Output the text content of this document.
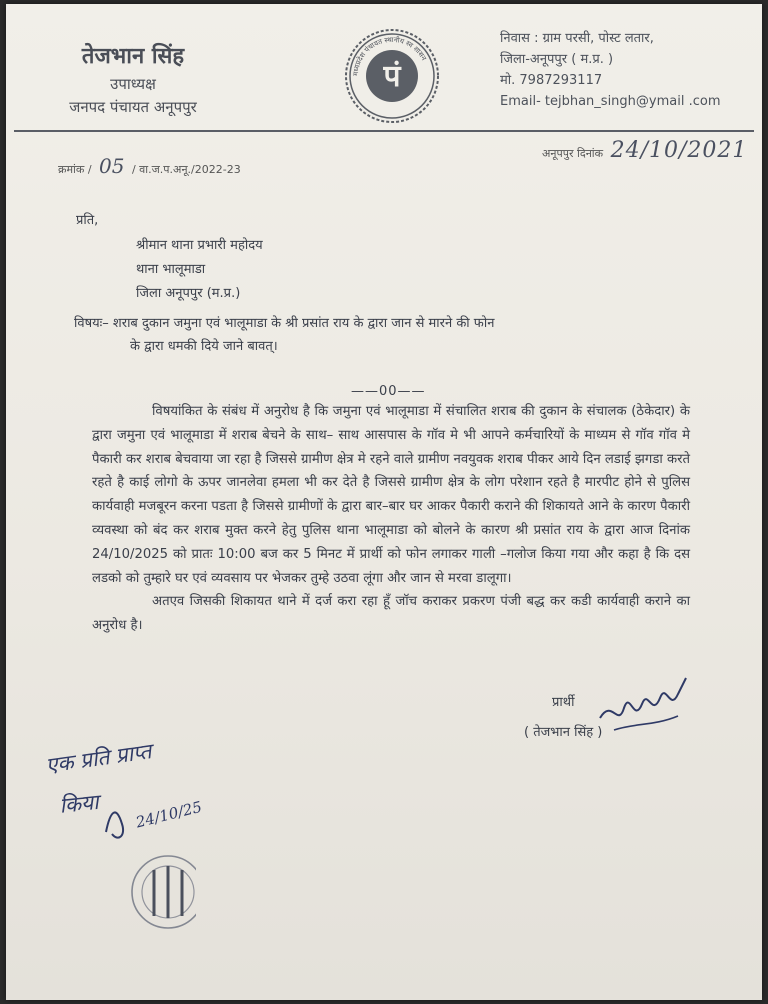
तेजभान सिंह
उपाध्यक्ष
जनपद पंचायत अनूपपुर
मध्यप्रदेश पंचायत स्थानीय स्व शासन
पं
निवास : ग्राम परसी, पोस्ट लतार,
जिला-अनूपपुर ( म.प्र. )
मो. 7987293117
Email- tejbhan_singh@ymail .com
क्रमांक / 05 / वा.ज.प.अनू./2022-23
अनूपपुर दिनांक 24/10/2021
प्रति,
श्रीमान थाना प्रभारी महोदय
थाना भालूमाडा
जिला अनूपपुर (म.प्र.)
विषयः– शराब दुकान जमुना एवं भालूमाडा के श्री प्रसांत राय के द्वारा जान से मारने की फोन
के द्वारा धमकी दिये जाने बावत्।
——00——

विषयांकित के संबंध में अनुरोध है कि जमुना एवं भालूमाडा में संचालित शराब की दुकान के संचालक (ठेकेदार) के द्वारा जमुना एवं भालूमाडा में शराब बेचने के साथ– साथ आसपास के गॉव मे भी आपने कर्मचारियों के माध्यम से गॉव गॉव मे पैकारी कर शराब बेचवाया जा रहा है जिससे ग्रामीण क्षेत्र मे रहने वाले ग्रामीण नवयुवक शराब पीकर आये दिन लडाई झगडा करते रहते है काई लोगो के ऊपर जानलेवा हमला भी कर देते है जिससे ग्रामीण क्षेत्र के लोग परेशान रहते है मारपीट होने से पुलिस कार्यवाही मजबूरन करना पडता है जिससे ग्रामीणों के द्वारा बार–बार घर आकर पैकारी कराने की शिकायते आने के कारण पैकारी व्यवस्था को बंद कर शराब मुक्त करने हेतु पुलिस थाना भालूमाडा को बोलने के कारण श्री प्रसांत राय के द्वारा आज दिनांक 24/10/2025 को प्रातः 10:00 बज कर 5 मिनट में प्रार्थी को फोन लगाकर गाली –गलोज किया गया और कहा है कि दस लडको को तुम्हारे घर एवं व्यवसाय पर भेजकर तुम्हे उठवा लूंगा और जान से मरवा डालूगा।

अतएव जिसकी शिकायत थाने में दर्ज करा रहा हूँ जॉच कराकर प्रकरण पंजी बद्ध कर कडी कार्यवाही कराने का अनुरोध है।

प्रार्थी
( तेजभान सिंह )
एक प्रति प्राप्त
किया 24/10/25
